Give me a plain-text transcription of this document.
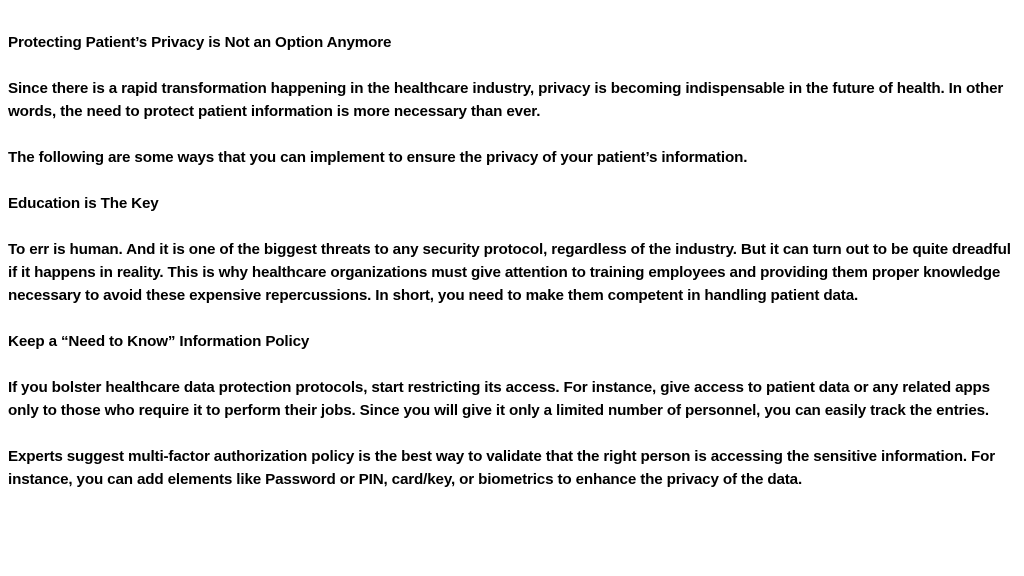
Protecting Patient’s Privacy is Not an Option Anymore

Since there is a rapid transformation happening in the healthcare industry, privacy is becoming indispensable in the future of health. In other words, the need to protect patient information is more necessary than ever.

The following are some ways that you can implement to ensure the privacy of your patient’s information.

Education is The Key

To err is human. And it is one of the biggest threats to any security protocol, regardless of the industry. But it can turn out to be quite dreadful if it happens in reality. This is why healthcare organizations must give attention to training employees and providing them proper knowledge necessary to avoid these expensive repercussions. In short, you need to make them competent in handling patient data.

Keep a “Need to Know” Information Policy

If you bolster healthcare data protection protocols, start restricting its access. For instance, give access to patient data or any related apps only to those who require it to perform their jobs. Since you will give it only a limited number of personnel, you can easily track the entries.

Experts suggest multi-factor authorization policy is the best way to validate that the right person is accessing the sensitive information. For instance, you can add elements like Password or PIN, card/key, or biometrics to enhance the privacy of the data.
